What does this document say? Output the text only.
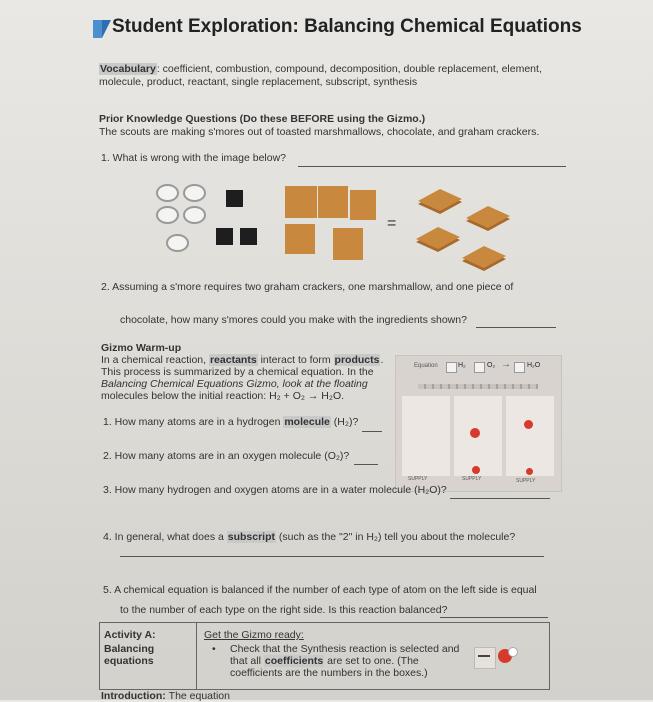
Student Exploration: Balancing Chemical Equations
Vocabulary: coefficient, combustion, compound, decomposition, double replacement, element,
molecule, product, reactant, single replacement, subscript, synthesis
Prior Knowledge Questions (Do these BEFORE using the Gizmo.)
The scouts are making s'mores out of toasted marshmallows, chocolate, and graham crackers.
1. What is wrong with the image below?
=
2. Assuming a s'more requires two graham crackers, one marshmallow, and one piece of
chocolate, how many s'mores could you make with the ingredients shown?
Gizmo Warm-up
In a chemical reaction, reactants interact to form products.
This process is summarized by a chemical equation. In the
Balancing Chemical Equations Gizmo, look at the floating
molecules below the initial reaction: H₂ + O₂ → H₂O.
1. How many atoms are in a hydrogen molecule (H₂)?
2. How many atoms are in an oxygen molecule (O₂)?
Equation	H₂	O₂ → H₂O
SUPPLY	SUPPLY	SUPPLY
3. How many hydrogen and oxygen atoms are in a water molecule (H₂O)?
4. In general, what does a subscript (such as the "2" in H₂) tell you about the molecule?
5. A chemical equation is balanced if the number of each type of atom on the left side is equal
to the number of each type on the right side. Is this reaction balanced?
Activity A:
Balancing
equations
Get the Gizmo ready:
• Check that the Synthesis reaction is selected and
that all coefficients are set to one. (The
coefficients are the numbers in the boxes.)
Introduction: The equation
